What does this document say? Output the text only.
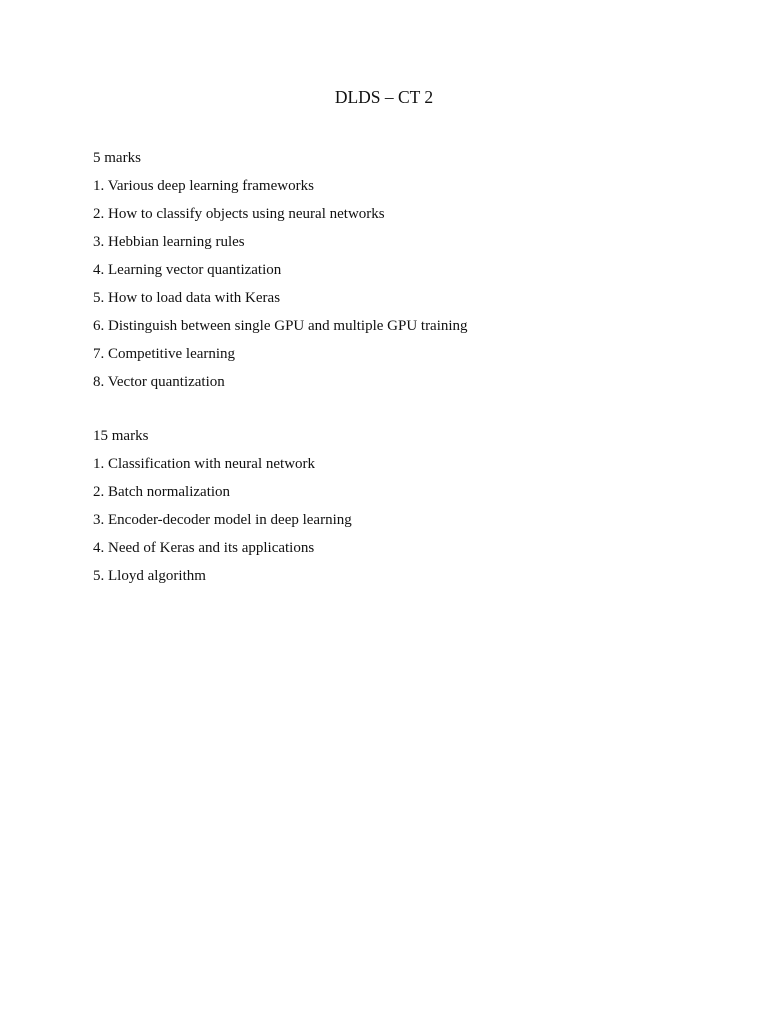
DLDS – CT 2

5 marks

1. Various deep learning frameworks
2. How to classify objects using neural networks
3. Hebbian learning rules
4. Learning vector quantization
5. How to load data with Keras
6. Distinguish between single GPU and multiple GPU training
7. Competitive learning
8. Vector quantization

15 marks

1. Classification with neural network
2. Batch normalization
3. Encoder-decoder model in deep learning
4. Need of Keras and its applications
5. Lloyd algorithm
